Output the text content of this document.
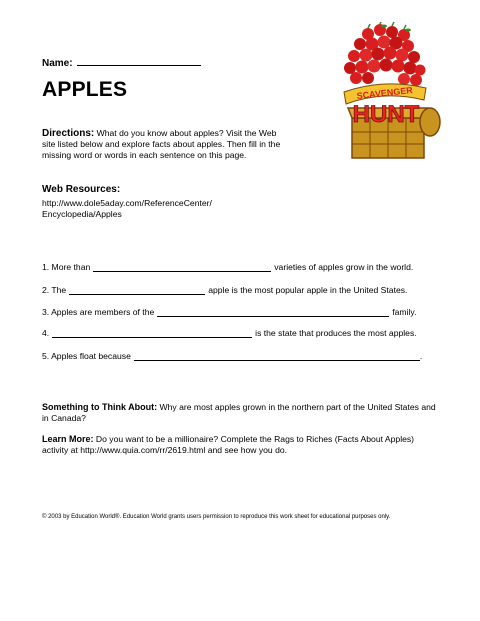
Name:
APPLES
Directions: What do you know about apples? Visit the Web site listed below and explore facts about apples. Then fill in the missing word or words in each sentence on this page.
Web Resources:
http://www.dole5aday.com/ReferenceCenter/
Encyclopedia/Apples
1. More than	varieties of apples grow in the world.
2. The	apple is the most popular apple in the United States.
3. Apples are members of the	family.
4.	is the state that produces the most apples.
5. Apples float because	.
Something to Think About: Why are most apples grown in the northern part of the United States and in Canada?
Learn More: Do you want to be a millionaire? Complete the Rags to Riches (Facts About Apples) activity at http://www.quia.com/rr/2619.html and see how you do.
© 2003 by Education World®. Education World grants users permission to reproduce this work sheet for educational purposes only.
SCAVENGER
HUNT
